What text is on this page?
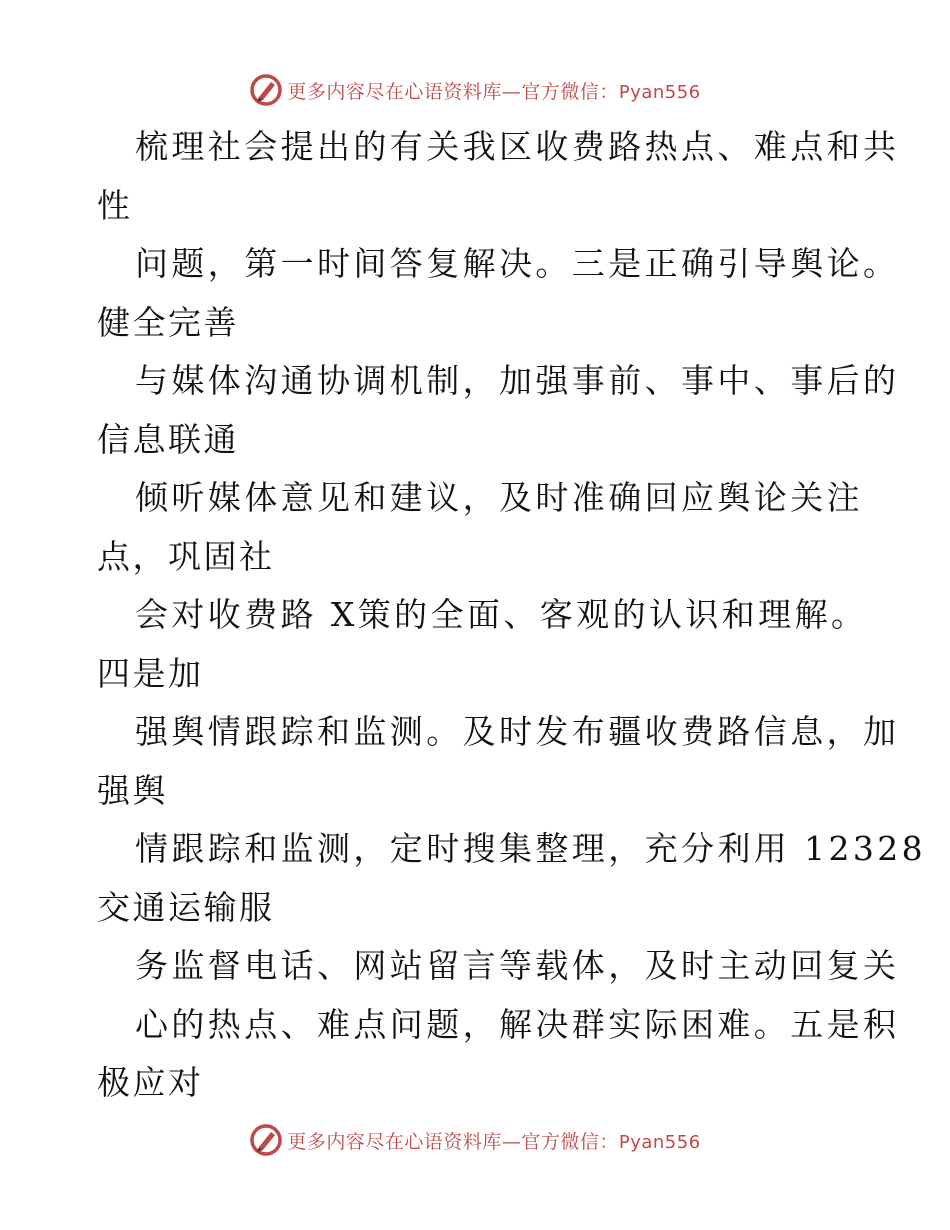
更多内容尽在心语资料库—官方微信：Pyan556
梳理社会提出的有关我区收费路热点、难点和共
性
问题，第一时间答复解决。三是正确引导舆论。
健全完善
与媒体沟通协调机制，加强事前、事中、事后的
信息联通
倾听媒体意见和建议，及时准确回应舆论关注
点，巩固社
会对收费路 X策的全面、客观的认识和理解。
四是加
强舆情跟踪和监测。及时发布疆收费路信息，加
强舆
情跟踪和监测，定时搜集整理，充分利用 12328
交通运输服
务监督电话、网站留言等载体，及时主动回复关
心的热点、难点问题，解决群实际困难。五是积
极应对
更多内容尽在心语资料库—官方微信：Pyan556
